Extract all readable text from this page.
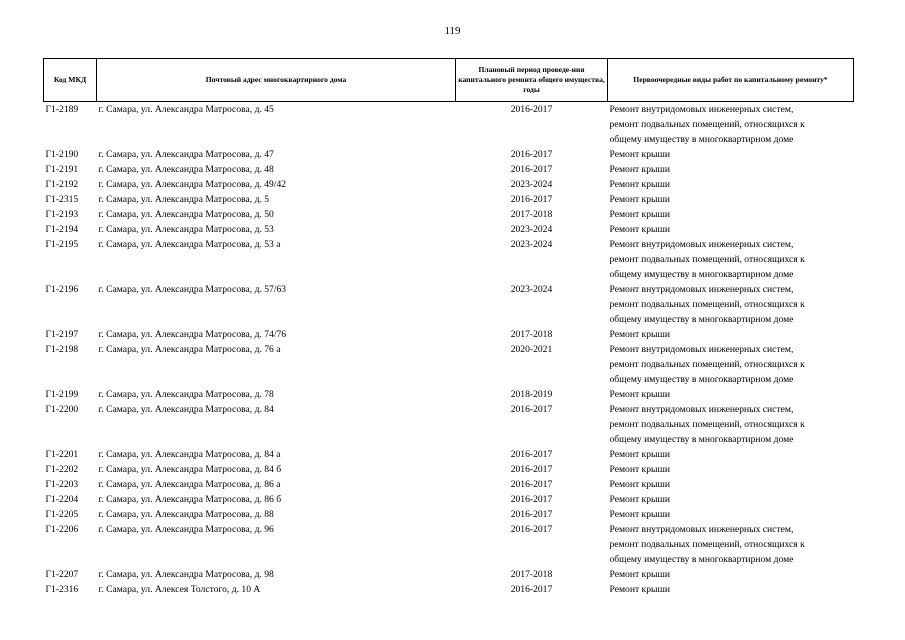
119
Код МКД	Почтовый адрес многоквартирного дома	Плановый период проведе-ния капитального ремонта общего имущества, годы	Первоочередные виды работ по капитальному ремонту*
Г1-2189	г. Самара, ул. Александра Матросова, д. 45	2016-2017	Ремонт внутридомовых инженерных систем,
ремонт подвальных помещений, относящихся к
общему имуществу в многоквартирном доме

Г1-2190	г. Самара, ул. Александра Матросова, д. 47	2016-2017	Ремонт крыши

Г1-2191	г. Самара, ул. Александра Матросова, д. 48	2016-2017	Ремонт крыши

Г1-2192	г. Самара, ул. Александра Матросова, д. 49/42	2023-2024	Ремонт крыши

Г1-2315	г. Самара, ул. Александра Матросова, д. 5	2016-2017	Ремонт крыши

Г1-2193	г. Самара, ул. Александра Матросова, д. 50	2017-2018	Ремонт крыши

Г1-2194	г. Самара, ул. Александра Матросова, д. 53	2023-2024	Ремонт крыши

Г1-2195	г. Самара, ул. Александра Матросова, д. 53 а	2023-2024	Ремонт внутридомовых инженерных систем,
ремонт подвальных помещений, относящихся к
общему имуществу в многоквартирном доме

Г1-2196	г. Самара, ул. Александра Матросова, д. 57/63	2023-2024	Ремонт внутридомовых инженерных систем,
ремонт подвальных помещений, относящихся к
общему имуществу в многоквартирном доме

Г1-2197	г. Самара, ул. Александра Матросова, д. 74/76	2017-2018	Ремонт крыши

Г1-2198	г. Самара, ул. Александра Матросова, д. 76 а	2020-2021	Ремонт внутридомовых инженерных систем,
ремонт подвальных помещений, относящихся к
общему имуществу в многоквартирном доме

Г1-2199	г. Самара, ул. Александра Матросова, д. 78	2018-2019	Ремонт крыши

Г1-2200	г. Самара, ул. Александра Матросова, д. 84	2016-2017	Ремонт внутридомовых инженерных систем,
ремонт подвальных помещений, относящихся к
общему имуществу в многоквартирном доме

Г1-2201	г. Самара, ул. Александра Матросова, д. 84 а	2016-2017	Ремонт крыши

Г1-2202	г. Самара, ул. Александра Матросова, д. 84 б	2016-2017	Ремонт крыши

Г1-2203	г. Самара, ул. Александра Матросова, д. 86 а	2016-2017	Ремонт крыши

Г1-2204	г. Самара, ул. Александра Матросова, д. 86 б	2016-2017	Ремонт крыши

Г1-2205	г. Самара, ул. Александра Матросова, д. 88	2016-2017	Ремонт крыши

Г1-2206	г. Самара, ул. Александра Матросова, д. 96	2016-2017	Ремонт внутридомовых инженерных систем,
ремонт подвальных помещений, относящихся к
общему имуществу в многоквартирном доме

Г1-2207	г. Самара, ул. Александра Матросова, д. 98	2017-2018	Ремонт крыши

Г1-2316	г. Самара, ул. Алексея Толстого, д. 10 А	2016-2017	Ремонт крыши
